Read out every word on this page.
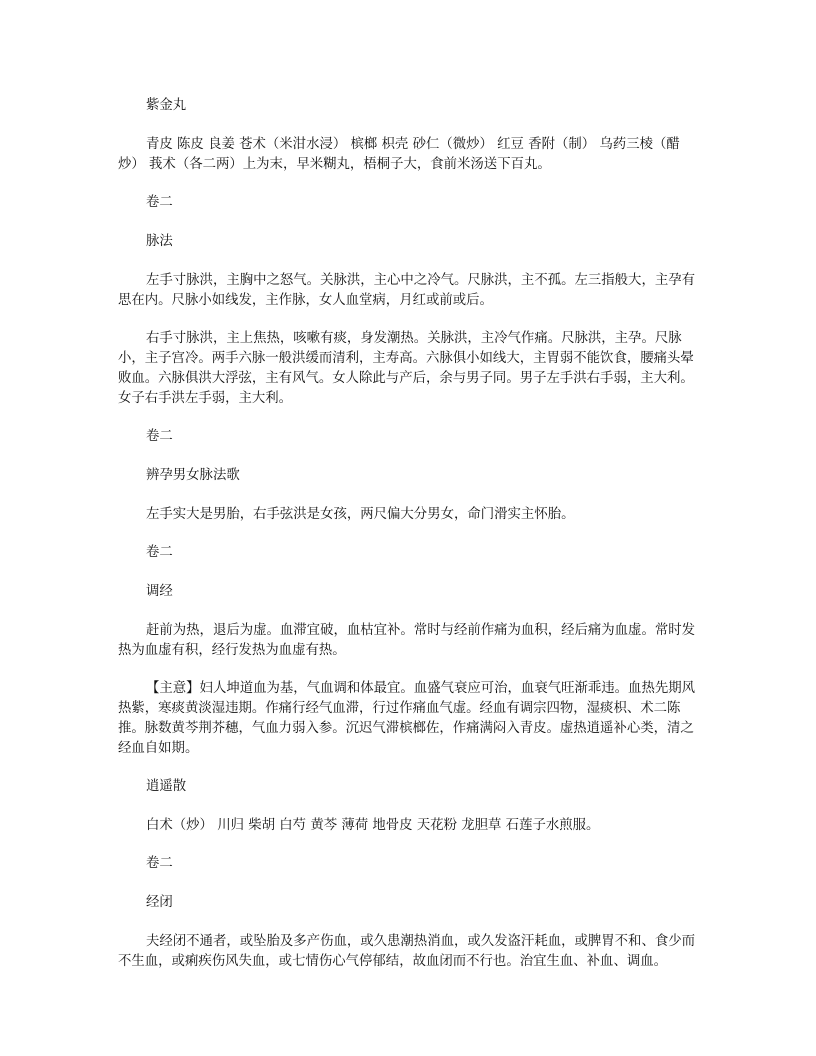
紫金丸

青皮 陈皮 良姜 苍术（米泔水浸） 槟榔 枳壳 砂仁（微炒） 红豆 香附（制） 乌药三棱（醋炒） 莪术（各二两）上为末，早米糊丸，梧桐子大，食前米汤送下百丸。

卷二

脉法

左手寸脉洪，主胸中之怒气。关脉洪，主心中之冷气。尺脉洪，主不孤。左三指般大，主孕有思在内。尺脉小如线发，主作脉，女人血堂病，月红或前或后。

右手寸脉洪，主上焦热，咳嗽有痰，身发潮热。关脉洪，主冷气作痛。尺脉洪，主孕。尺脉小，主子宫冷。两手六脉一般洪缓而清利，主寿高。六脉俱小如线大，主胃弱不能饮食，腰痛头晕败血。六脉俱洪大浮弦，主有风气。女人除此与产后，余与男子同。男子左手洪右手弱，主大利。女子右手洪左手弱，主大利。

卷二

辨孕男女脉法歌

左手实大是男胎，右手弦洪是女孩，两尺偏大分男女，命门滑实主怀胎。

卷二

调经

赶前为热，退后为虚。血滞宜破，血枯宜补。常时与经前作痛为血积，经后痛为血虚。常时发热为血虚有积，经行发热为血虚有热。

【主意】妇人坤道血为基，气血调和体最宜。血盛气衰应可治，血衰气旺渐乖违。血热先期风热紫，寒痰黄淡湿违期。作痛行经气血滞，行过作痛血气虚。经血有调宗四物，湿痰枳、术二陈推。脉数黄芩荆芥穗，气血力弱入参。沉迟气滞槟榔佐，作痛满闷入青皮。虚热逍遥补心类，清之经血自如期。

逍遥散

白术（炒） 川归 柴胡 白芍 黄芩 薄荷 地骨皮 天花粉 龙胆草 石莲子水煎服。

卷二

经闭

夫经闭不通者，或坠胎及多产伤血，或久患潮热消血，或久发盗汗耗血，或脾胃不和、食少而不生血，或痢疾伤风失血，或七情伤心气停郁结，故血闭而不行也。治宜生血、补血、调血。
